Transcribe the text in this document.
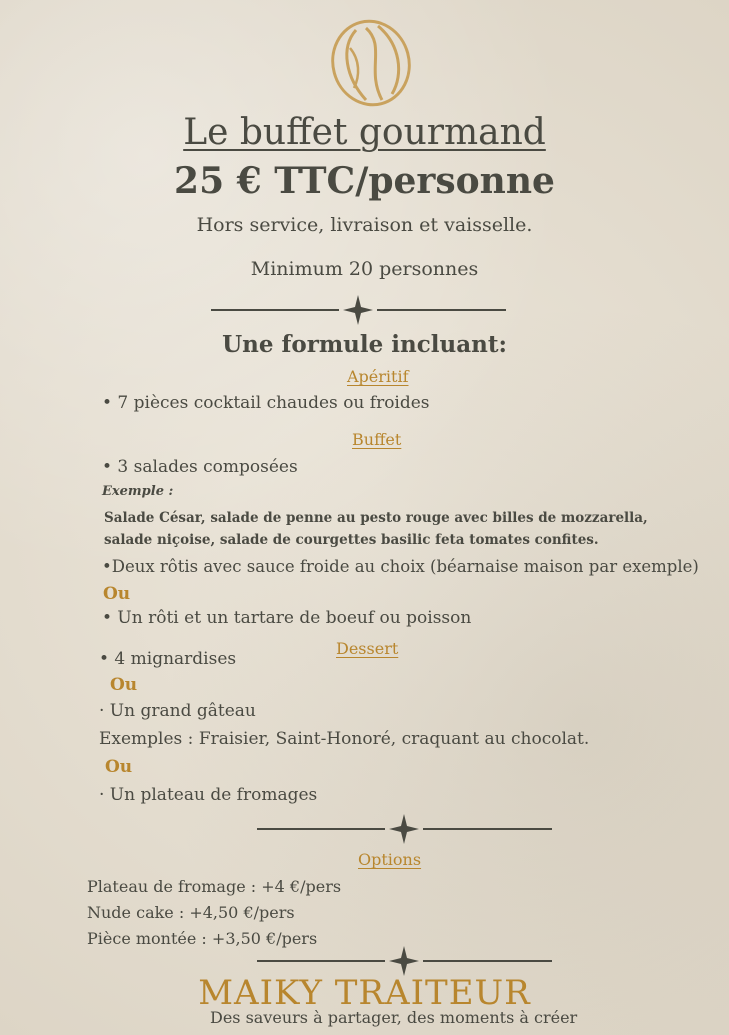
Le buffet gourmand
25 € TTC/personne
Hors service, livraison et vaisselle.
Minimum 20 personnes
Une formule incluant:
Apéritif
• 7 pièces cocktail chaudes ou froides
Buffet
• 3 salades composées
Exemple :
Salade César, salade de penne au pesto rouge avec billes de mozzarella,
salade niçoise, salade de courgettes basilic feta tomates confites.
•Deux rôtis avec sauce froide au choix (béarnaise maison par exemple)
Ou
• Un rôti et un tartare de boeuf ou poisson
Dessert
• 4 mignardises
Ou
· Un grand gâteau
Exemples : Fraisier, Saint-Honoré, craquant au chocolat.
Ou
· Un plateau de fromages
Options
Plateau de fromage : +4 €/pers
Nude cake : +4,50 €/pers
Pièce montée : +3,50 €/pers
MAIKY TRAITEUR
Des saveurs à partager, des moments à créer
